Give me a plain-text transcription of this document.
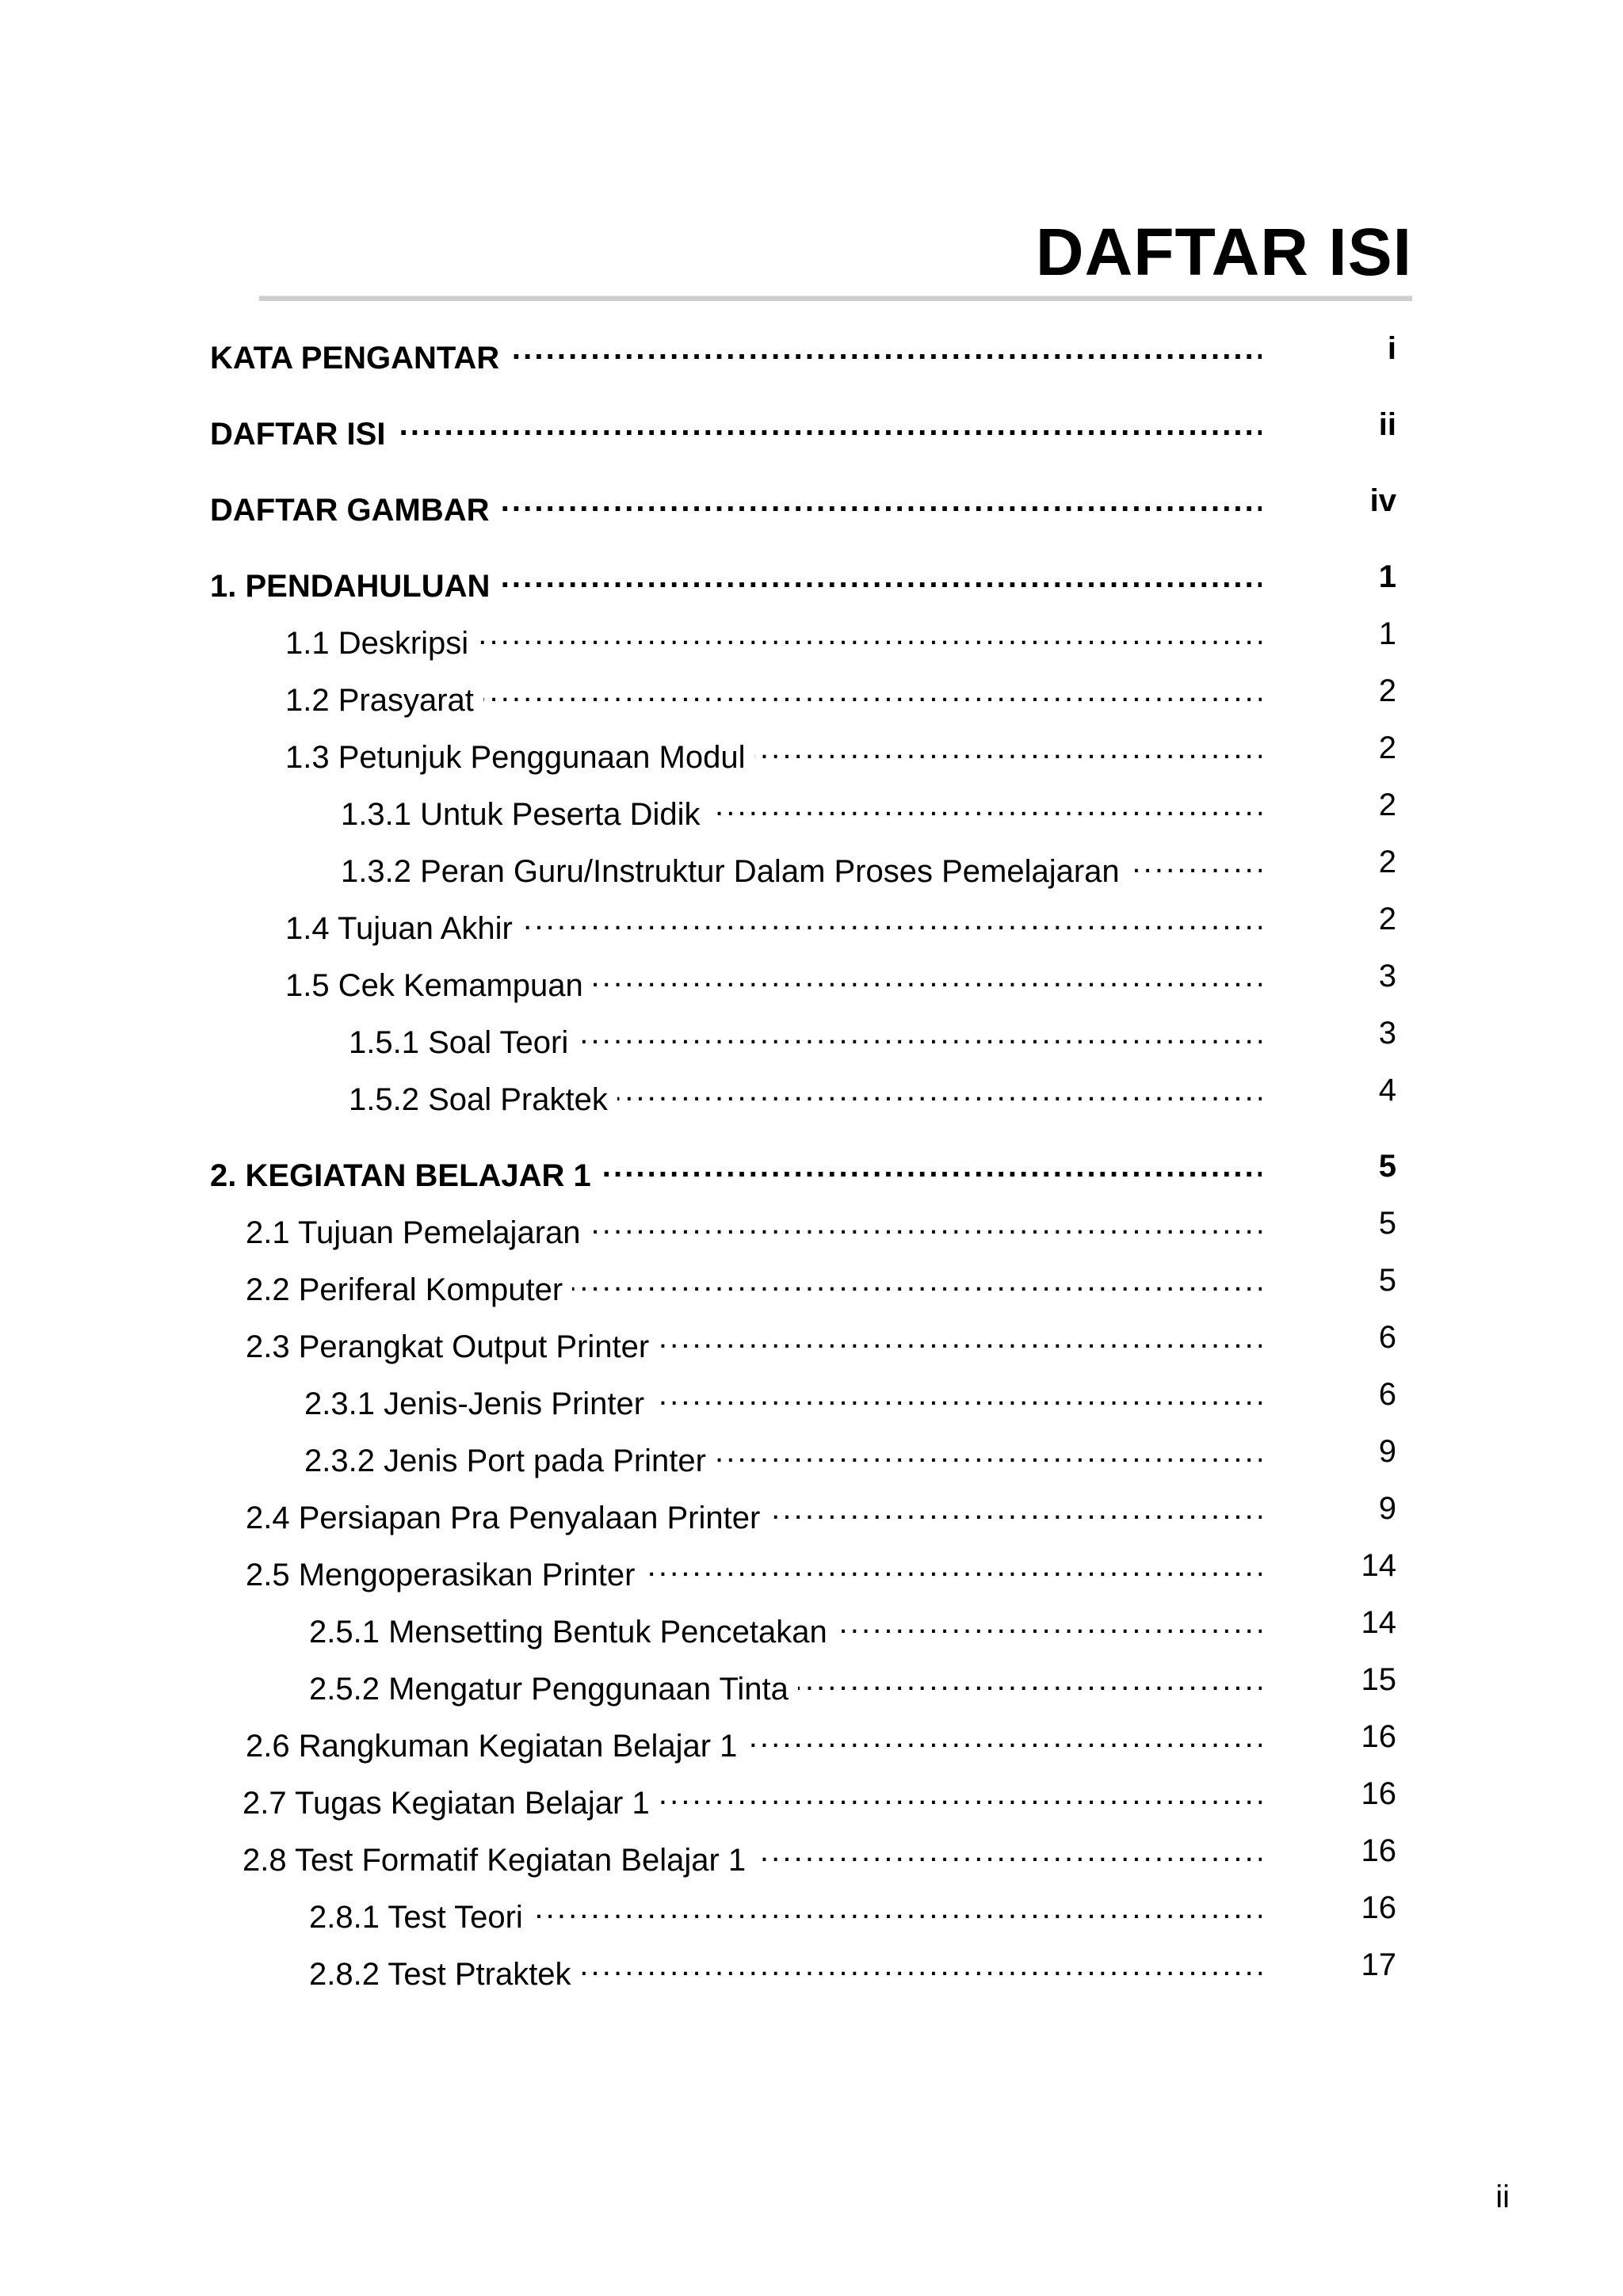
DAFTAR ISI
KATA PENGANTAR . . .	i
DAFTAR ISI . . .	ii
DAFTAR GAMBAR . . .	iv
1. PENDAHULUAN . . .	1
1.1 Deskripsi . . .	1
1.2 Prasyarat . . .	2
1.3 Petunjuk Penggunaan Modul . . .	2
1.3.1 Untuk Peserta Didik . . .	2
1.3.2 Peran Guru/Instruktur Dalam Proses Pemelajaran . . .	2
1.4 Tujuan Akhir . . .	2
1.5 Cek Kemampuan . . .	3
1.5.1 Soal Teori . . .	3
1.5.2 Soal Praktek . . .	4
2. KEGIATAN BELAJAR 1 . . .	5
2.1 Tujuan Pemelajaran . . .	5
2.2 Periferal Komputer . . .	5
2.3 Perangkat Output Printer . . .	6
2.3.1 Jenis-Jenis Printer . . .	6
2.3.2 Jenis Port pada Printer . . .	9
2.4 Persiapan Pra Penyalaan Printer . . .	9
2.5 Mengoperasikan Printer . . .	14
2.5.1 Mensetting Bentuk Pencetakan . . .	14
2.5.2 Mengatur Penggunaan Tinta . . .	15
2.6 Rangkuman Kegiatan Belajar 1 . . .	16
2.7 Tugas Kegiatan Belajar 1 . . .	16
2.8 Test Formatif Kegiatan Belajar 1 . . .	16
2.8.1 Test Teori . . .	16
2.8.2 Test Ptraktek . . .	17
ii
